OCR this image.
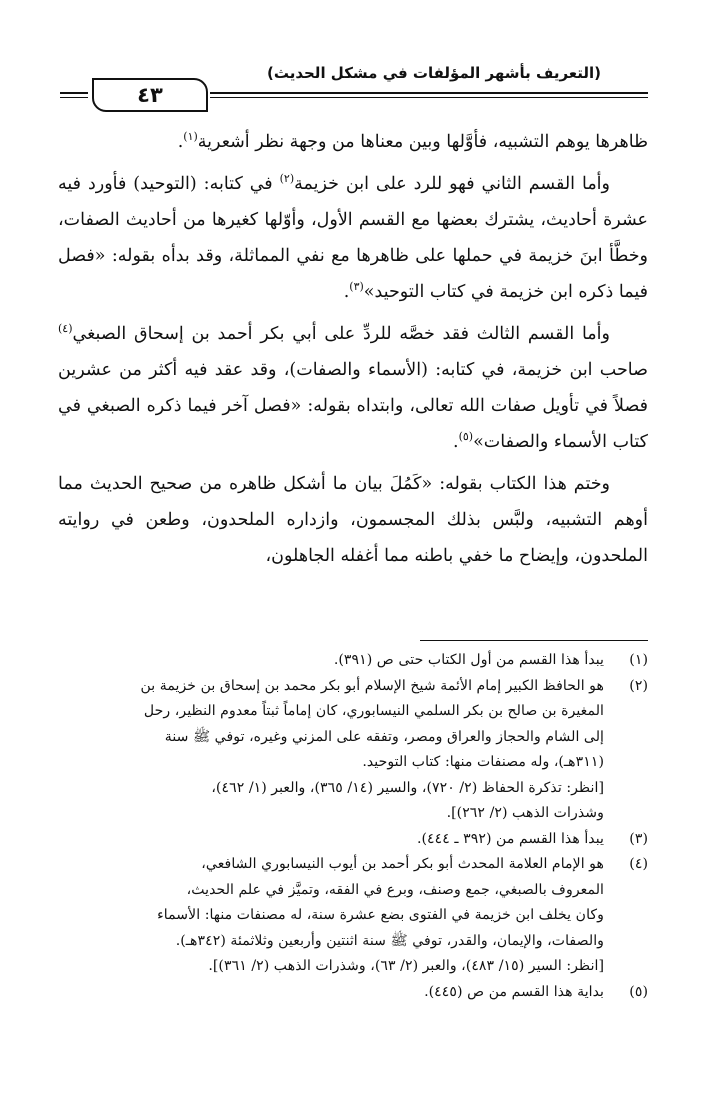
(التعريف بأشهر المؤلفات في مشكل الحديث)
٤٣

ظاهرها يوهم التشبيه، فأوَّلها وبين معناها من وجهة نظر أشعرية$^{(١)}$.

وأما القسم الثاني فهو للرد على ابن خزيمة$^{(٢)}$ في كتابه: (التوحيد) فأورد فيه عشرة أحاديث، يشترك بعضها مع القسم الأول، وأوّلها كغيرها من أحاديث الصفات، وخطَّأ ابنَ خزيمة في حملها على ظاهرها مع نفي المماثلة، وقد بدأه بقوله: «فصل فيما ذكره ابن خزيمة في كتاب التوحيد»$^{(٣)}$.

وأما القسم الثالث فقد خصَّه للردِّ على أبي بكر أحمد بن إسحاق الصبغي$^{(٤)}$ صاحب ابن خزيمة، في كتابه: (الأسماء والصفات)، وقد عقد فيه أكثر من عشرين فصلاً في تأويل صفات الله تعالى، وابتداه بقوله: «فصل آخر فيما ذكره الصبغي في كتاب الأسماء والصفات»$^{(٥)}$.

وختم هذا الكتاب بقوله: «كَمُلَ بيان ما أشكل ظاهره من صحيح الحديث مما أوهم التشبيه، ولبَّس بذلك المجسمون، وازداره الملحدون، وطعن في روايته الملحدون، وإيضاح ما خفي باطنه مما أغفله الجاهلون،

(١)
يبدأ هذا القسم من أول الكتاب حتى ص (٣٩١).
(٢)
هو الحافظ الكبير إمام الأئمة شيخ الإسلام أبو بكر محمد بن إسحاق بن خزيمة بن
المغيرة بن صالح بن بكر السلمي النيسابوري، كان إماماً ثبتاً معدوم النظير، رحل
إلى الشام والحجاز والعراق ومصر، وتفقه على المزني وغيره، توفي ﷺ سنة
(٣١١هـ)، وله مصنفات منها: كتاب التوحيد.
[انظر: تذكرة الحفاظ (٢/ ٧٢٠)، والسير (١٤/ ٣٦٥)، والعبر (١/ ٤٦٢)،
وشذرات الذهب (٢/ ٢٦٢)].
(٣)
يبدأ هذا القسم من (٣٩٢ ـ ٤٤٤).
(٤)
هو الإمام العلامة المحدث أبو بكر أحمد بن أيوب النيسابوري الشافعي،
المعروف بالصبغي، جمع وصنف، وبرع في الفقه، وتميَّز في علم الحديث،
وكان يخلف ابن خزيمة في الفتوى بضع عشرة سنة، له مصنفات منها: الأسماء
والصفات، والإيمان، والقدر، توفي ﷺ سنة اثنتين وأربعين وثلاثمئة (٣٤٢هـ).
[انظر: السير (١٥/ ٤٨٣)، والعبر (٢/ ٦٣)، وشذرات الذهب (٢/ ٣٦١)].
(٥)
بداية هذا القسم من ص (٤٤٥).
